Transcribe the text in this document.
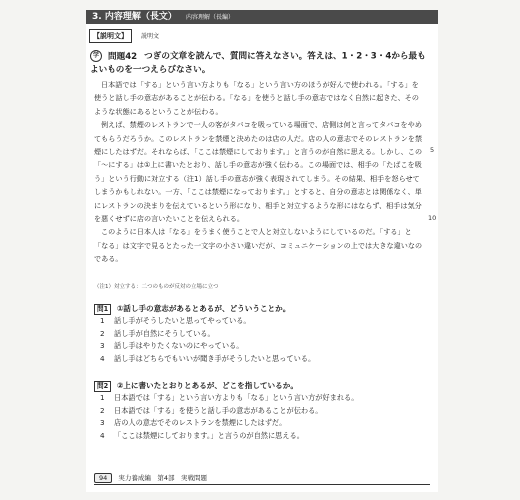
3. 内容理解（長文） 内容理解（長編）
【説明文】	説明文
学 問題42 つぎの文章を読んで、質問に答えなさい。答えは、1・2・3・4から最もよいものを一つえらびなさい。

日本語では「する」という言い方よりも「なる」という言い方のほうが好んで使われる。「する」を使うと話し手の意志があることが伝わる。「なる」を使うと話し手の意志ではなく自然に起きた、そのような状態にあるということが伝わる。

例えば、禁煙のレストランで一人の客がタバコを吸っている場面で、店側は何と言ってタバコをやめてもらうだろうか。このレストランを禁煙と決めたのは店の人だ。店の人の意志でそのレストランを禁煙にしたはずだ。それならば、「ここは禁煙にしております。」と言うのが自然に思える。しかし、この「〜にする」は①上に書いたとおり、話し手の意志が強く伝わる。この場面では、相手の「たばこを吸う」という行動に対立する（注1）話し手の意志が強く表現されてしまう。その結果、相手を怒らせてしまうかもしれない。一方、「ここは禁煙になっております。」とすると、自分の意志とは関係なく、単にレストランの決まりを伝えているという形になり、相手と対立するような形にはならず、相手は気分を悪くせずに店の言いたいことを伝えられる。

このように日本人は「なる」をうまく使うことで人と対立しないようにしているのだ。「する」と「なる」は文字で見るとたった一文字の小さい違いだが、コミュニケーションの上では大きな違いなのである。

5
10
（注1）対立する：二つのものが反対の立場に立つ
問1 ①話し手の意志があるとあるが、どういうことか。
1 話し手がそうしたいと思ってやっている。
2 話し手が自然にそうしている。
3 話し手はやりたくないのにやっている。
4 話し手はどちらでもいいが聞き手がそうしたいと思っている。
問2 ②上に書いたとおりとあるが、どこを指しているか。
1 日本語では「する」という言い方よりも「なる」という言い方が好まれる。
2 日本語では「する」を使うと話し手の意志があることが伝わる。
3 店の人の意志でそのレストランを禁煙にしたはずだ。
4 「ここは禁煙にしております。」と言うのが自然に思える。
94 実力養成編　第4部　実戦問題
